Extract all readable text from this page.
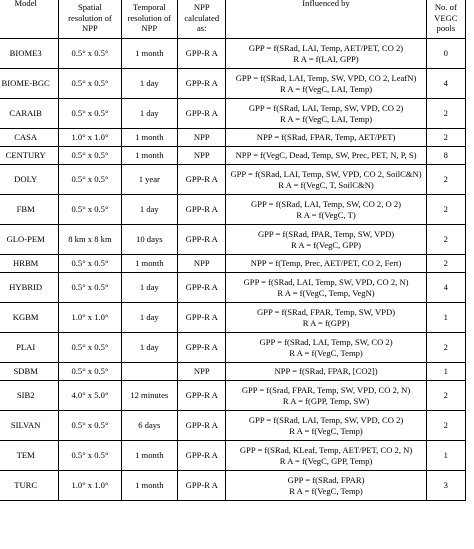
Model	Spatial
resolution of
NPP	Temporal
resolution of
NPP	NPP
calculated
as:	Influenced by	No. of
VEGC
pools

BIOME3	0.5° x 0.5°	1 month	GPP-R A	GPP = f(SRad, LAI, Temp, AET/PET, CO 2)
R A = f(LAI, GPP)	0
BIOME-BGC	0.5° x 0.5°	1 day	GPP-R A	GPP = f(SRad, LAI, Temp, SW, VPD, CO 2, LeafN)
R A = f(VegC, LAI, Temp)	4
CARAIB	0.5° x 0.5°	1 day	GPP-R A	GPP = f(SRad, LAI, Temp, SW, VPD, CO 2)
R A = f(VegC, LAI, Temp)	2
CASA	1.0° x 1.0°	1 month	NPP	NPP = f(SRad, FPAR, Temp, AET/PET)	2
CENTURY	0.5° x 0.5°	1 month	NPP	NPP = f(VegC, Dead, Temp, SW, Prec, PET, N, P, S)	8
DOLY	0.5° x 0.5°	1 year	GPP-R A	GPP = f(SRad, LAI, Temp, SW, VPD, CO 2, SoilC&N)
R A = f(VegC, T, SoilC&N)	2
FBM	0.5° x 0.5°	1 day	GPP-R A	GPP = f(SRad, LAI, Temp, SW, CO 2, O 2)
R A = f(VegC, T)	2
GLO-PEM	8 km x 8 km	10 days	GPP-R A	GPP = f(SRad, fPAR, Temp, SW, VPD)
R A = f(VegC, GPP)	2
HRBM	0.5° x 0.5°	1 month	NPP	NPP = f(Temp, Prec, AET/PET, CO 2, Fert)	2
HYBRID	0.5° x 0.5°	1 day	GPP-R A	GPP = f(SRad, LAI, Temp, SW, VPD, CO 2, N)
R A = f(VegC, Temp, VegN)	4
KGBM	1.0° x 1.0°	1 day	GPP-R A	GPP = f(SRad, FPAR, Temp, SW, VPD)
R A = f(GPP)	1
PLAI	0.5° x 0.5°	1 day	GPP-R A	GPP = f(SRad, LAI, Temp, SW, CO 2)
R A = f(VegC, Temp)	2
SDBM	0.5° x 0.5°		NPP	NPP = f(SRad, FPAR, [CO2])	1
SIB2	4.0° x 5.0°	12 minutes	GPP-R A	GPP = f(Srad, FPAR, Temp, SW, VPD, CO 2, N)
R A = f(GPP, Temp, SW)	2
SILVAN	0.5° x 0.5°	6 days	GPP-R A	GPP = f(SRad, LAI, Temp, SW, VPD, CO 2)
R A = f(VegC, Temp)	2
TEM	0.5° x 0.5°	1 month	GPP-R A	GPP = f(SRad, KLeaf, Temp, AET/PET, CO 2, N)
R A = f(VegC, GPP, Temp)	1
TURC	1.0° x 1.0°	1 month	GPP-R A	GPP = f(SRad, FPAR)
R A = f(VegC, Temp)	3
